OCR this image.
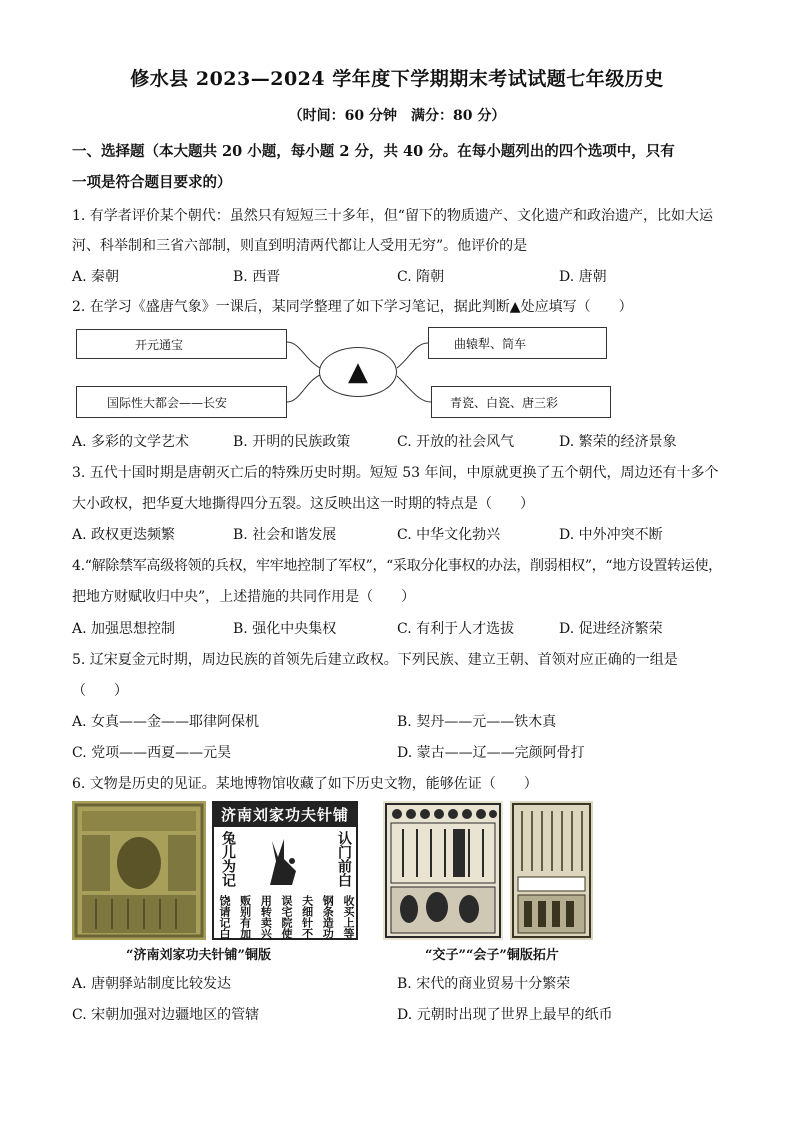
修水县 2023—2024 学年度下学期期末考试试题七年级历史
（时间：60 分钟　满分：80 分）
一、选择题（本大题共 20 小题，每小题 2 分，共 40 分。在每小题列出的四个选项中，只有
一项是符合题目要求的）
1. 有学者评价某个朝代：虽然只有短短三十多年，但“留下的物质遗产、文化遗产和政治遗产，比如大运
河、科举制和三省六部制，则直到明清两代都让人受用无穷”。他评价的是
A. 秦朝	B. 西晋	C. 隋朝	D. 唐朝
2. 在学习《盛唐气象》一课后，某同学整理了如下学习笔记，据此判断▲处应填写（　　）
开元通宝
国际性大都会——长安
▲
曲辕犁、筒车
青瓷、白瓷、唐三彩
A. 多彩的文学艺术	B. 开明的民族政策	C. 开放的社会风气	D. 繁荣的经济景象
3. 五代十国时期是唐朝灭亡后的特殊历史时期。短短 53 年间，中原就更换了五个朝代，周边还有十多个
大小政权，把华夏大地撕得四分五裂。这反映出这一时期的特点是（　　）
A. 政权更迭频繁	B. 社会和谐发展	C. 中华文化勃兴	D. 中外冲突不断
4.“解除禁军高级将领的兵权，牢牢地控制了军权”，“采取分化事权的办法，削弱相权”，“地方设置转运使，
把地方财赋收归中央”，上述措施的共同作用是（　　）
A. 加强思想控制	B. 强化中央集权	C. 有利于人才选拔	D. 促进经济繁荣
5. 辽宋夏金元时期，周边民族的首领先后建立政权。下列民族、建立王朝、首领对应正确的一组是
（　　）
A. 女真——金——耶律阿保机	B. 契丹——元——铁木真
C. 党项——西夏——元昊	D. 蒙古——辽——完颜阿骨打
6. 文物是历史的见证。某地博物馆收藏了如下历史文物，能够佐证（　　）
济南刘家功夫针铺
兔儿为记	认门前白
收买上等
钢条造功
夫细针不
误宅院使
用转卖兴
贩别有加
饶请记白
“济南刘家功夫针铺”铜版	“交子”“会子”铜版拓片
A. 唐朝驿站制度比较发达	B. 宋代的商业贸易十分繁荣
C. 宋朝加强对边疆地区的管辖	D. 元朝时出现了世界上最早的纸币
